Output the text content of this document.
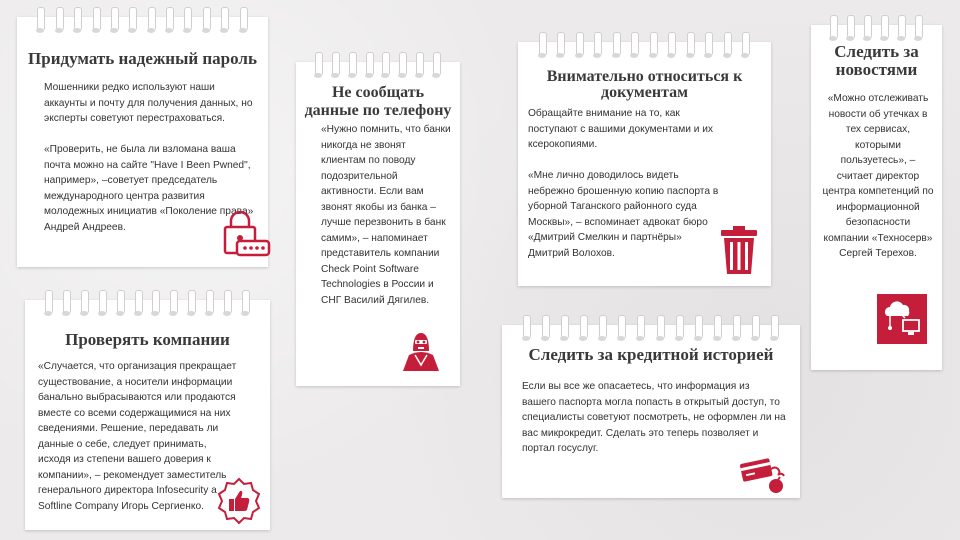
Придумать надежный пароль

Мошенники редко используют наши аккаунты и почту для получения данных, но эксперты советуют перестраховаться.

«Проверить, не была ли взломана ваша почта можно на сайте "Have I Been Pwned", например», –советует председатель международного центра развития молодежных инициатив «Поколение права» Андрей Андреев.

Не сообщать данные по телефону

«Нужно помнить, что банки никогда не звонят клиентам по поводу подозрительной активности. Если вам звонят якобы из банка – лучше перезвонить в банк самим», – напоминает представитель компании Check Point Software Technologies в России и СНГ Василий Дягилев.

Внимательно относиться к документам

Обращайте внимание на то, как поступают с вашими документами и их ксерокопиями.

«Мне лично доводилось видеть небрежно брошенную копию паспорта в уборной Таганского районного суда Москвы», – вспоминает адвокат бюро «Дмитрий Смелкин и партнёры» Дмитрий Волохов.

Следить за новостями

«Можно отслеживать новости об утечках в тех сервисах, которыми пользуетесь», – считает директор центра компетенций по информационной безопасности компании «Техносерв» Сергей Терехов.

Проверять компании

«Случается, что организация прекращает существование, а носители информации банально выбрасываются или продаются вместе со всеми содержащимися на них сведениями. Решение, передавать ли данные о себе, следует принимать, исходя из степени вашего доверия к компании», – рекомендует заместитель генерального директора Infosecurity a Softline Company Игорь Сергиенко.

Следить за кредитной историей

Если вы все же опасаетесь, что информация из вашего паспорта могла попасть в открытый доступ, то специалисты советуют посмотреть, не оформлен ли на вас микрокредит. Сделать это теперь позволяет и портал госуслуг.
